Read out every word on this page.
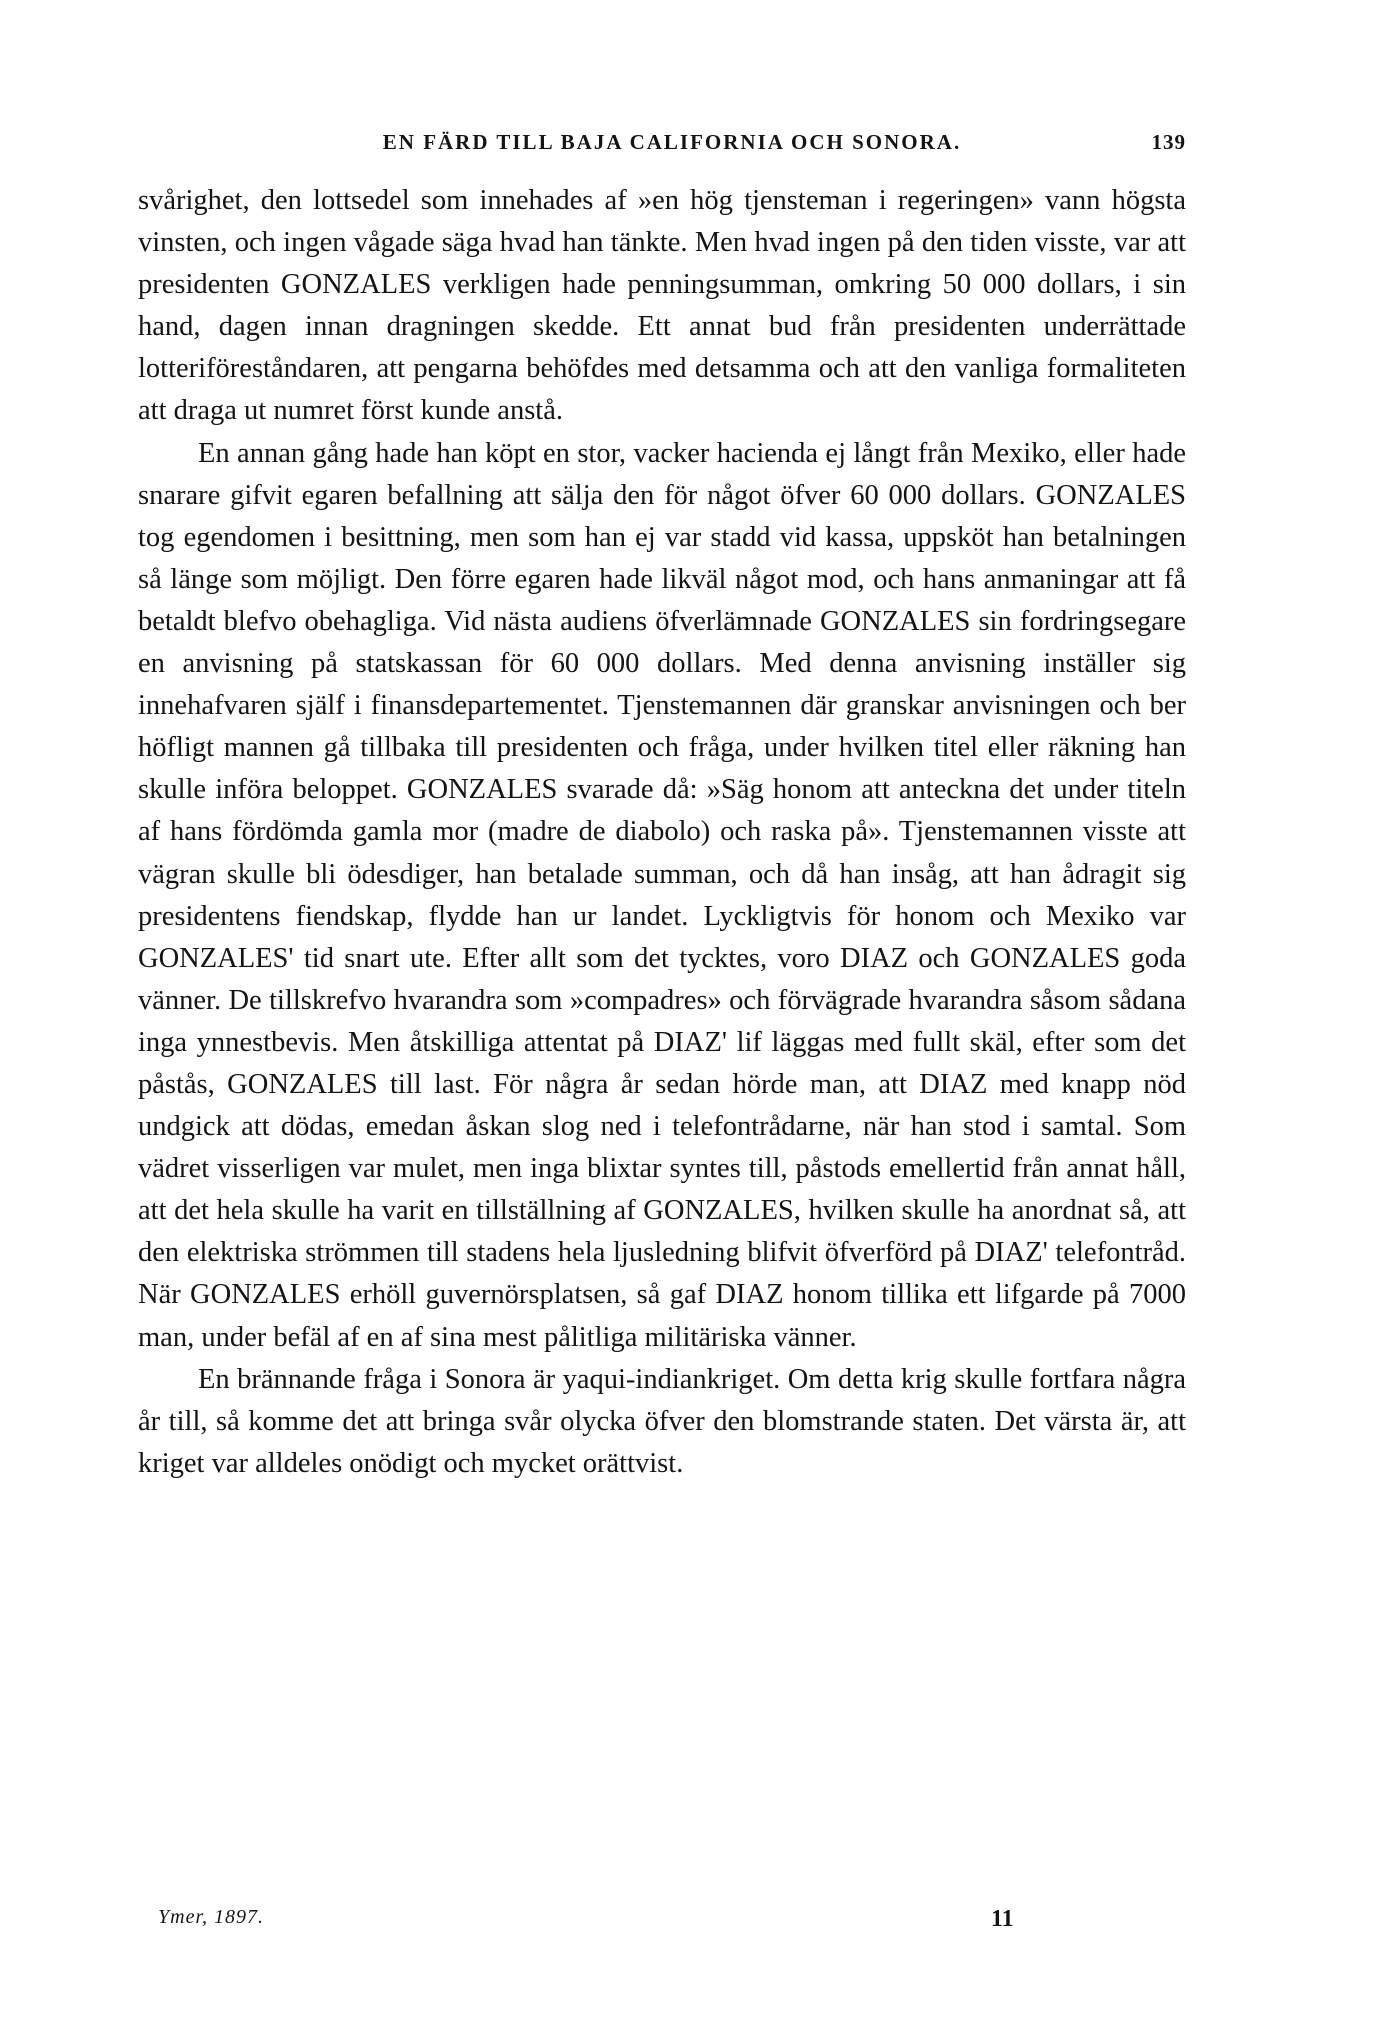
EN FÄRD TILL BAJA CALIFORNIA OCH SONORA.	139

svårighet, den lottsedel som innehades af »en hög tjensteman i regeringen» vann högsta vinsten, och ingen vågade säga hvad han tänkte. Men hvad ingen på den tiden visste, var att presidenten GONZALES verkligen hade penningsumman, omkring 50 000 dollars, i sin hand, dagen innan dragningen skedde. Ett annat bud från presidenten underrättade lotteriföreståndaren, att pengarna behöfdes med detsamma och att den vanliga formaliteten att draga ut numret först kunde anstå.

En annan gång hade han köpt en stor, vacker hacienda ej långt från Mexiko, eller hade snarare gifvit egaren befallning att sälja den för något öfver 60 000 dollars. GONZALES tog egendomen i besittning, men som han ej var stadd vid kassa, uppsköt han betalningen så länge som möjligt. Den förre egaren hade likväl något mod, och hans anmaningar att få betaldt blefvo obehagliga. Vid nästa audiens öfverlämnade GONZALES sin fordringsegare en anvisning på statskassan för 60 000 dollars. Med denna anvisning inställer sig innehafvaren själf i finansdepartementet. Tjenstemannen där granskar anvisningen och ber höfligt mannen gå tillbaka till presidenten och fråga, under hvilken titel eller räkning han skulle införa beloppet. GONZALES svarade då: »Säg honom att anteckna det under titeln af hans fördömda gamla mor (madre de diabolo) och raska på». Tjenstemannen visste att vägran skulle bli ödesdiger, han betalade summan, och då han insåg, att han ådragit sig presidentens fiendskap, flydde han ur landet. Lyckligtvis för honom och Mexiko var GONZALES' tid snart ute. Efter allt som det tycktes, voro DIAZ och GONZALES goda vänner. De tillskrefvo hvarandra som »compadres» och förvägrade hvarandra såsom sådana inga ynnestbevis. Men åtskilliga attentat på DIAZ' lif läggas med fullt skäl, efter som det påstås, GONZALES till last. För några år sedan hörde man, att DIAZ med knapp nöd undgick att dödas, emedan åskan slog ned i telefontrådarne, när han stod i samtal. Som vädret visserligen var mulet, men inga blixtar syntes till, påstods emellertid från annat håll, att det hela skulle ha varit en tillställning af GONZALES, hvilken skulle ha anordnat så, att den elektriska strömmen till stadens hela ljusledning blifvit öfverförd på DIAZ' telefontråd. När GONZALES erhöll guvernörsplatsen, så gaf DIAZ honom tillika ett lifgarde på 7000 man, under befäl af en af sina mest pålitliga militäriska vänner.

En brännande fråga i Sonora är yaqui-indiankriget. Om detta krig skulle fortfara några år till, så komme det att bringa svår olycka öfver den blomstrande staten. Det värsta är, att kriget var alldeles onödigt och mycket orättvist.

Ymer, 1897.	11
